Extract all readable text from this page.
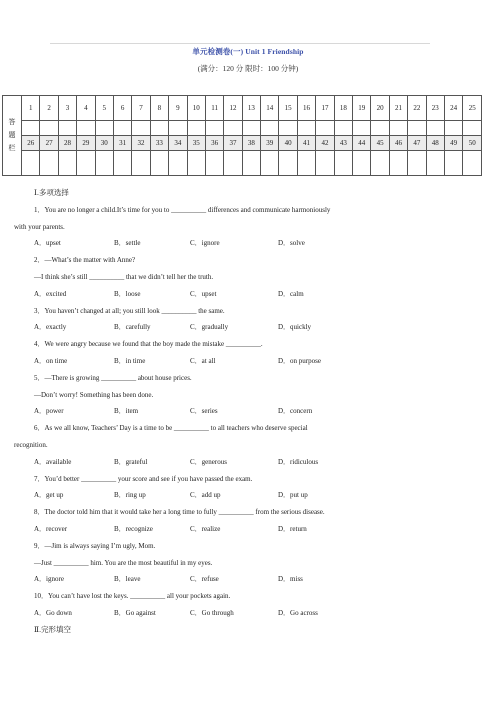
单元检测卷(一) Unit 1 Friendship
(满分：120 分 限时：100 分钟)
答
题
栏	1	2	3	4	5	6	7	8	9	10	11	12	13	14	15	16	17	18	19	20	21	22	23	24	25

	26	27	28	29	30	31	32	33	34	35	36	37	38	39	40	41	42	43	44	45	46	47	48	49	50

Ⅰ.多项选择
1．You are no longer a child.It’s time for you to __________ differences and communicate harmoniously
with your parents.
A．upset	B．settle	C．ignore	D．solve
2．—What’s the matter with Anne?
—I think she’s still __________ that we didn’t tell her the truth.
A．excited	B．loose	C．upset	D．calm
3．You haven’t changed at all; you still look __________ the same.
A．exactly	B．carefully	C．gradually	D．quickly
4．We were angry because we found that the boy made the mistake __________.
A．on time	B．in time	C．at all	D．on purpose
5．—There is growing __________ about house prices.
—Don’t worry! Something has been done.
A．power	B．item	C．series	D．concern
6．As we all know, Teachers’ Day is a time to be __________ to all teachers who deserve special
recognition.
A．available	B．grateful	C．generous	D．ridiculous
7．You’d better __________ your score and see if you have passed the exam.
A．get up	B．ring up	C．add up	D．put up
8．The doctor told him that it would take her a long time to fully __________ from the serious disease.
A．recover	B．recognize	C．realize	D．return
9．—Jim is always saying I’m ugly, Mom.
—Just __________ him. You are the most beautiful in my eyes.
A．ignore	B．leave	C．refuse	D．miss
10．You can’t have lost the keys. __________ all your pockets again.
A．Go down	B．Go against	C．Go through	D．Go across
Ⅱ.完形填空
